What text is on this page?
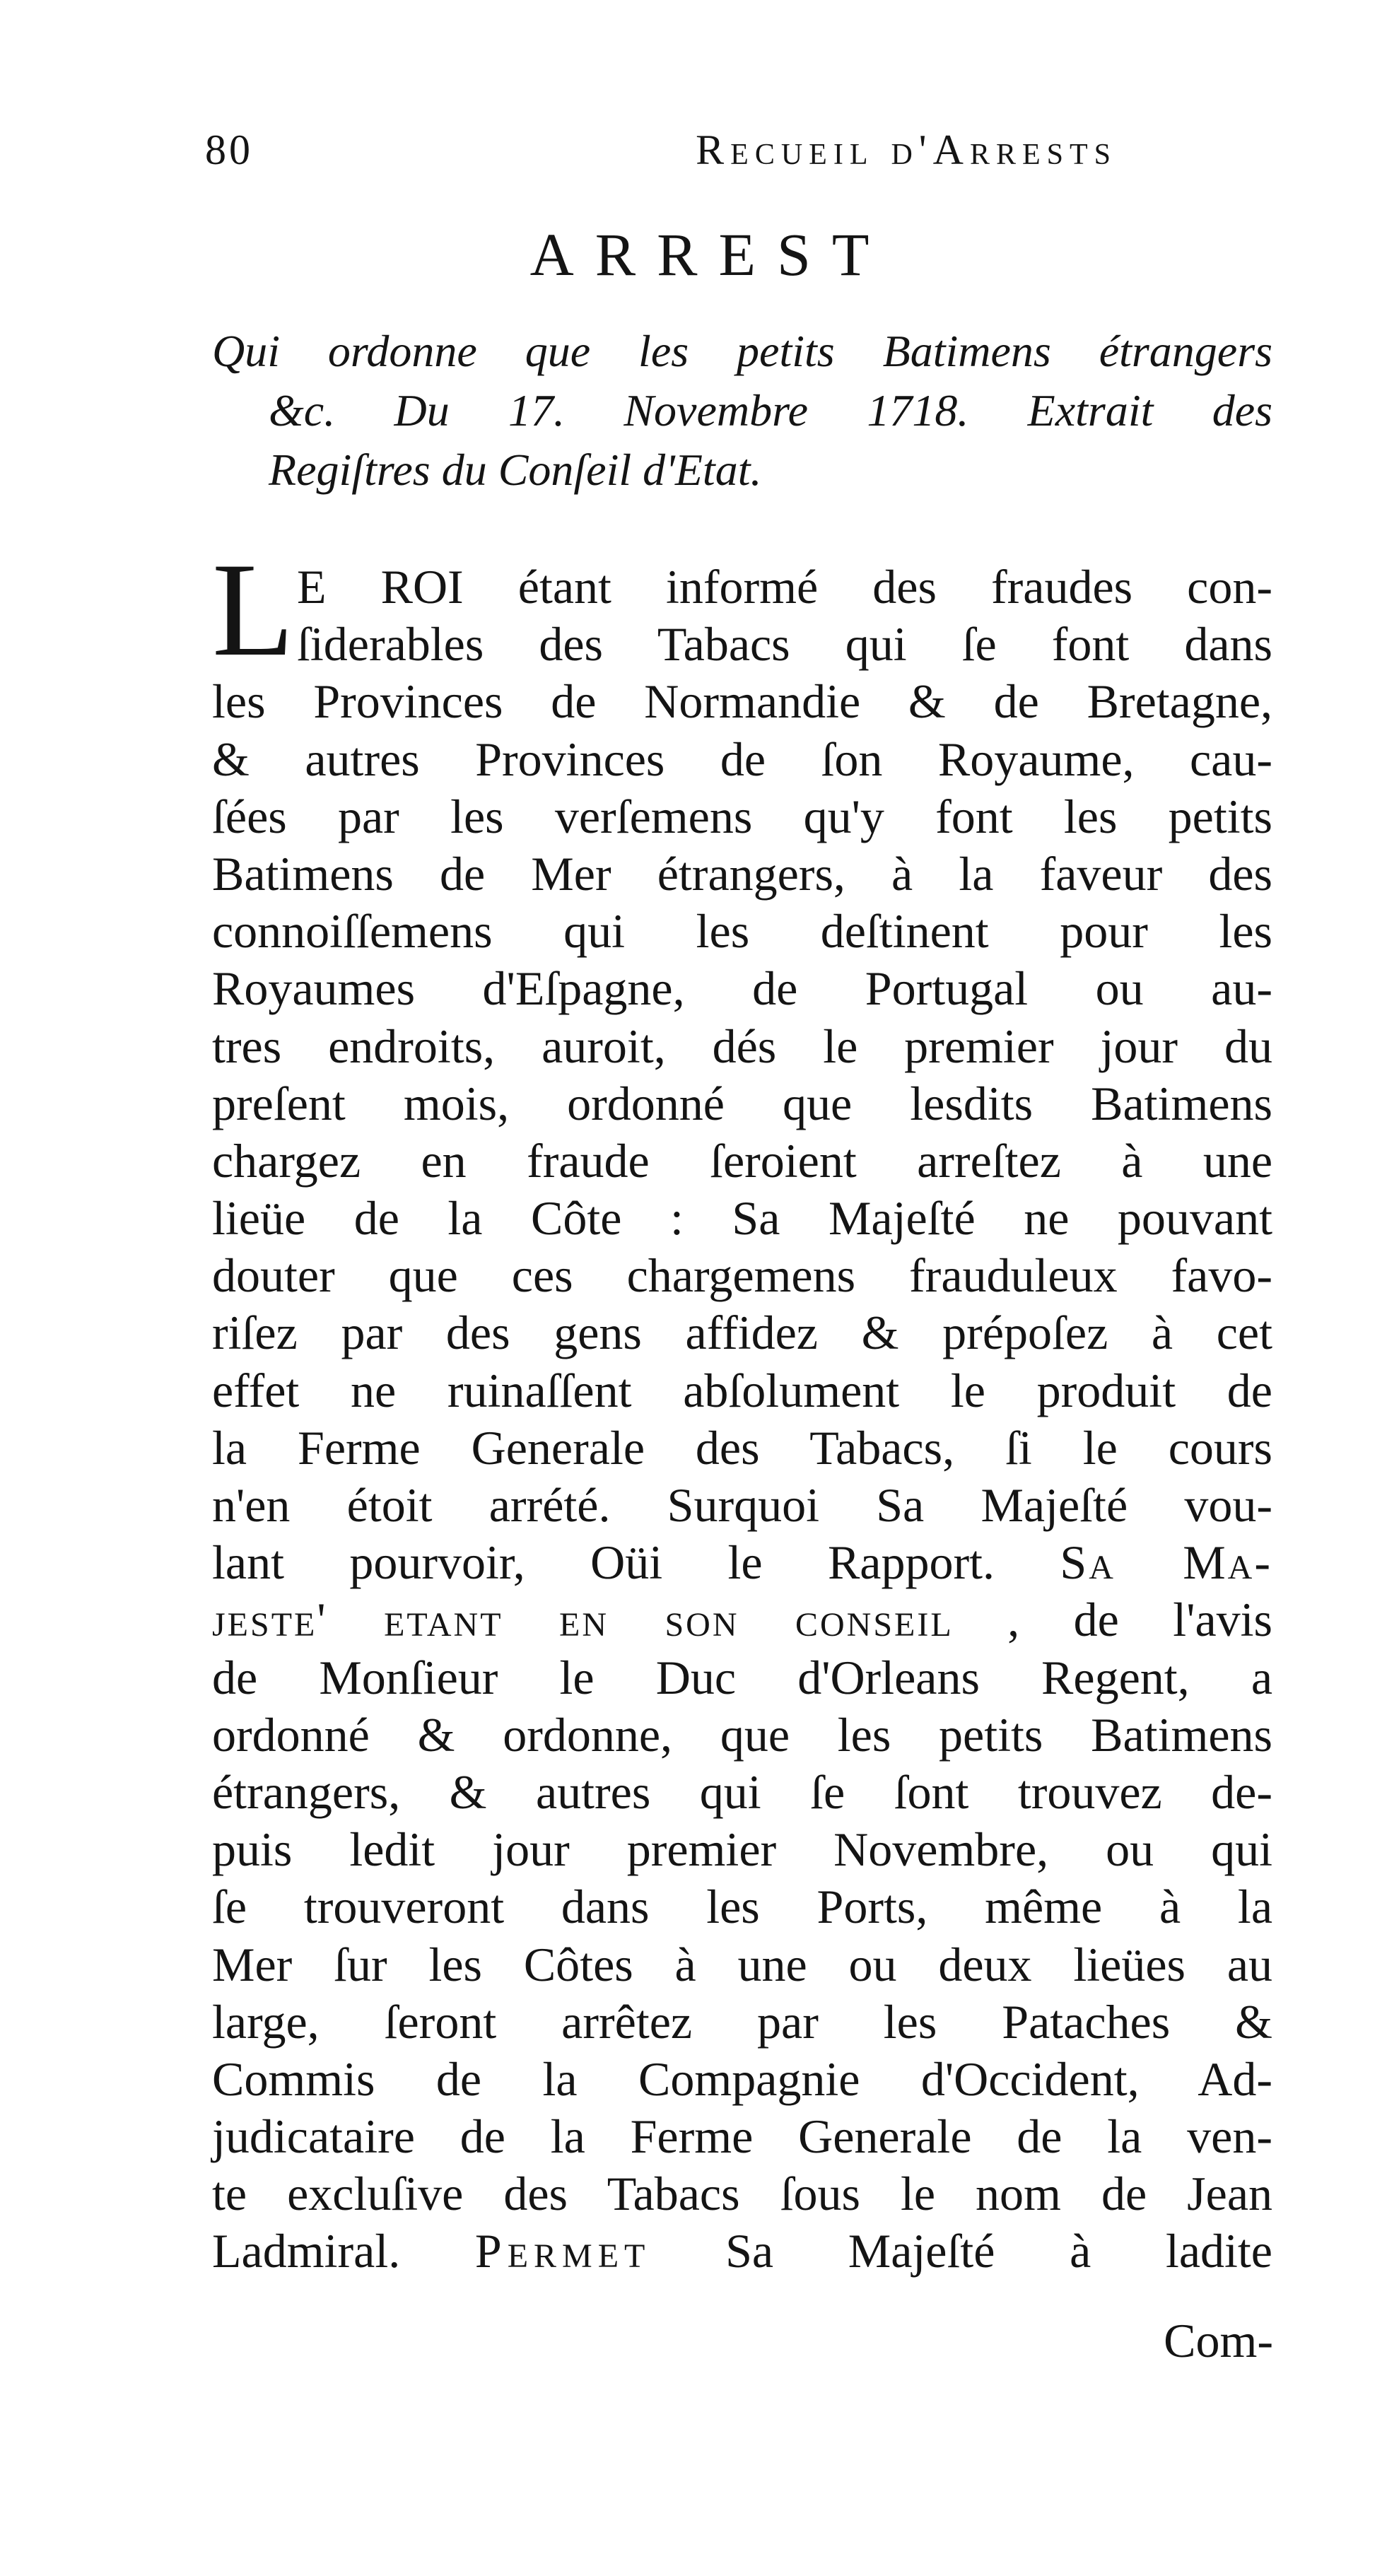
80	Recueil d'Arrests
ARREST
Qui ordonne que les petits Batimens étrangers
&c. Du 17. Novembre 1718. Extrait des
Regiſtres du Conſeil d'Etat.
L E ROI étant informé des fraudes con-
ſiderables des Tabacs qui ſe font dans
les Provinces de Normandie & de Bretagne,
& autres Provinces de ſon Royaume, cau-
ſées par les verſemens qu'y font les petits
Batimens de Mer étrangers, à la faveur des
connoiſſemens qui les deſtinent pour les
Royaumes d'Eſpagne, de Portugal ou au-
tres endroits, auroit, dés le premier jour du
preſent mois, ordonné que lesdits Batimens
chargez en fraude ſeroient arreſtez à une
lieüe de la Côte : Sa Majeſté ne pouvant
douter que ces chargemens frauduleux favo-
riſez par des gens affidez & prépoſez à cet
effet ne ruinaſſent abſolument le produit de
la Ferme Generale des Tabacs, ſi le cours
n'en étoit arrété. Surquoi Sa Majeſté vou-
lant pourvoir, Oüi le Rapport. Sa Ma-
jeste' etant en son conseil , de l'avis
de Monſieur le Duc d'Orleans Regent, a
ordonné & ordonne, que les petits Batimens
étrangers, & autres qui ſe ſont trouvez de-
puis ledit jour premier Novembre, ou qui
ſe trouveront dans les Ports, même à la
Mer ſur les Côtes à une ou deux lieües au
large, ſeront arrêtez par les Pataches &
Commis de la Compagnie d'Occident, Ad-
judicataire de la Ferme Generale de la ven-
te excluſive des Tabacs ſous le nom de Jean
Ladmiral. Permet Sa Majeſté à ladite
Com-
